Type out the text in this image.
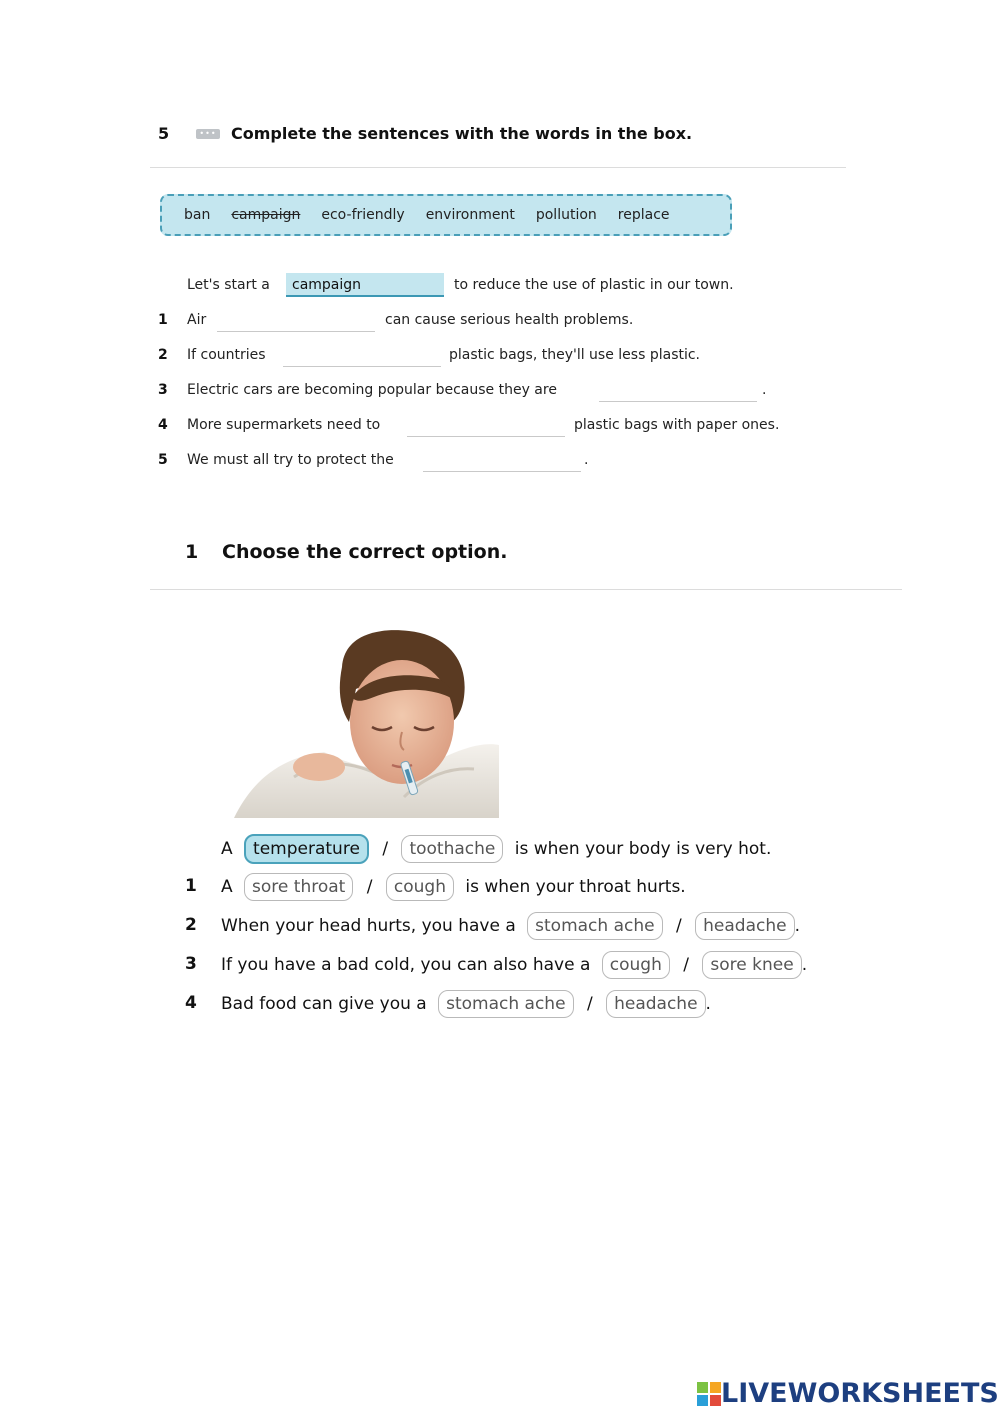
5	••• Complete the sentences with the words in the box.
ban campaign eco-friendly environment pollution replace
Let's start a	campaign	to reduce the use of plastic in our town.
1 Air	can cause serious health problems.
2 If countries	plastic bags, they'll use less plastic.
3 Electric cars are becoming popular because they are	.
4 More supermarkets need to	plastic bags with paper ones.
5 We must all try to protect the	.
1 Choose the correct option.
A temperature / toothache is when your body is very hot.
1 A sore throat / cough is when your throat hurts.
2 When your head hurts, you have a stomach ache / headache .
3 If you have a bad cold, you can also have a cough / sore knee .
4 Bad food can give you a stomach ache / headache .
LIVEWORKSHEETS
